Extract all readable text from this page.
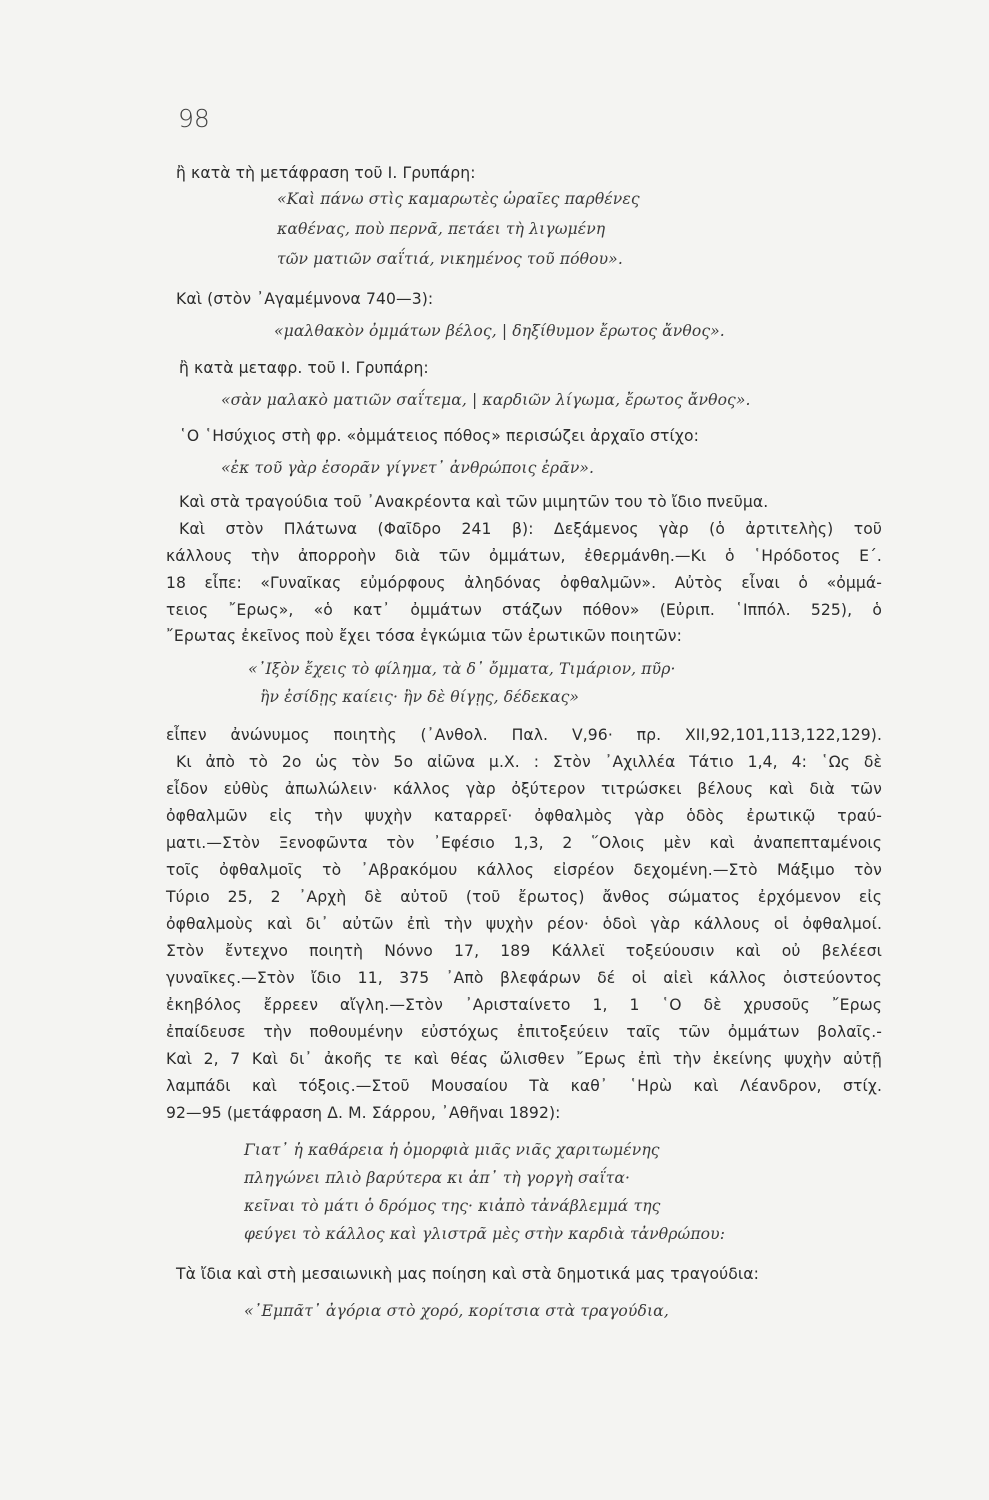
98
ἢ κατὰ τὴ μετάφραση τοῦ Ι. Γρυπάρη:
«Καὶ πάνω στὶς καμαρωτὲς ὡραῖες παρθένες
καθένας, ποὺ περνᾶ, πετάει τὴ λιγωμένη
τῶν ματιῶν σαΐτιά, νικημένος τοῦ πόθου».
Καὶ (στὸν ᾿Αγαμέμνονα 740—3):
«μαλθακὸν ὀμμάτων βέλος, | δηξίθυμον ἔρωτος ἄνθος».
ἢ κατὰ μεταφρ. τοῦ Ι. Γρυπάρη:
«σὰν μαλακὸ ματιῶν σαΐτεμα, | καρδιῶν λίγωμα, ἔρωτος ἄνθος».
῾Ο ῾Ησύχιος στὴ φρ. «ὀμμάτειος πόθος» περισώζει ἀρχαῖο στίχο:
«ἐκ τοῦ γὰρ ἐσορᾶν γίγνετ᾿ ἀνθρώποις ἐρᾶν».
Καὶ στὰ τραγούδια τοῦ ᾿Ανακρέοντα καὶ τῶν μιμητῶν του τὸ ἴδιο πνεῦμα.
Καὶ στὸν Πλάτωνα (Φαῖδρο 241 β): Δεξάμενος γὰρ (ὁ ἀρτιτελὴς) τοῦ
κάλλους τὴν ἀπορροὴν διὰ τῶν ὀμμάτων, ἐθερμάνθη.—Κι ὁ ῾Ηρόδοτος Ε΄.
18 εἶπε: «Γυναῖκας εὐμόρφους ἀληδόνας ὀφθαλμῶν». Αὐτὸς εἶναι ὁ «ὀμμά-
τειος ῎Ερως», «ὁ κατ᾿ ὀμμάτων στάζων πόθον» (Εὐριπ. ῾Ιππόλ. 525), ὁ
῎Ερωτας ἐκεῖνος ποὺ ἔχει τόσα ἐγκώμια τῶν ἐρωτικῶν ποιητῶν:
«᾿Ιξὸν ἔχεις τὸ φίλημα, τὰ δ᾿ ὄμματα, Τιμάριον, πῦρ·
ἢν ἐσίδῃς καίεις· ἢν δὲ θίγῃς, δέδεκας»
εἶπεν ἀνώνυμος ποιητὴς (᾿Ανθολ. Παλ. V,96· πρ. XII,92,101,113,122,129).
Κι ἀπὸ τὸ 2ο ὡς τὸν 5ο αἰῶνα μ.Χ. : Στὸν ᾿Αχιλλέα Τάτιο 1,4, 4: ῾Ως δὲ
εἶδον εὐθὺς ἀπωλώλειν· κάλλος γὰρ ὀξύτερον τιτρώσκει βέλους καὶ διὰ τῶν
ὀφθαλμῶν εἰς τὴν ψυχὴν καταρρεῖ· ὀφθαλμὸς γὰρ ὁδὸς ἐρωτικῷ τραύ-
ματι.—Στὸν Ξενοφῶντα τὸν ᾿Εφέσιο 1,3, 2 ῞Ολοις μὲν καὶ ἀναπεπταμένοις
τοῖς ὀφθαλμοῖς τὸ ᾿Αβρακόμου κάλλος εἰσρέον δεχομένη.—Στὸ Μάξιμο τὸν
Τύριο 25, 2 ᾿Αρχὴ δὲ αὐτοῦ (τοῦ ἔρωτος) ἄνθος σώματος ἐρχόμενον εἰς
ὀφθαλμοὺς καὶ δι᾿ αὐτῶν ἐπὶ τὴν ψυχὴν ρέον· ὁδοὶ γὰρ κάλλους οἱ ὀφθαλμοί.
Στὸν ἔντεχνο ποιητὴ Νόννο 17, 189 Κάλλεϊ τοξεύουσιν καὶ οὐ βελέεσι
γυναῖκες.—Στὸν ἴδιο 11, 375 ᾿Απὸ βλεφάρων δέ οἱ αἰεὶ κάλλος ὀιστεύοντος
ἐκηβόλος ἔρρεεν αἴγλη.—Στὸν ᾿Αρισταίνετο 1, 1 ῾Ο δὲ χρυσοῦς ῎Ερως
ἐπαίδευσε τὴν ποθουμένην εὐστόχως ἐπιτοξεύειν ταῖς τῶν ὀμμάτων βολαῖς.-
Καὶ 2, 7 Καὶ δι᾿ ἀκοῆς τε καὶ θέας ὤλισθεν ῎Ερως ἐπὶ τὴν ἐκείνης ψυχὴν αὐτῇ
λαμπάδι καὶ τόξοις.—Στοῦ Μουσαίου Τὰ καθ᾿ ῾Ηρὼ καὶ Λέανδρον, στίχ.
92—95 (μετάφραση Δ. Μ. Σάρρου, ᾿Αθῆναι 1892):
Γιατ᾿ ἡ καθάρεια ἡ ὀμορφιὰ μιᾶς νιᾶς χαριτωμένης
πληγώνει πλιὸ βαρύτερα κι ἀπ᾿ τὴ γοργὴ σαΐτα·
κεῖναι τὸ μάτι ὁ δρόμος της· κιἀπὸ τἀνάβλεμμά της
φεύγει τὸ κάλλος καὶ γλιστρᾶ μὲς στὴν καρδιὰ τἀνθρώπου:
Τὰ ἴδια καὶ στὴ μεσαιωνικὴ μας ποίηση καὶ στὰ δημοτικά μας τραγούδια:
«᾿Εμπᾶτ᾿ ἀγόρια στὸ χορό, κορίτσια στὰ τραγούδια,
